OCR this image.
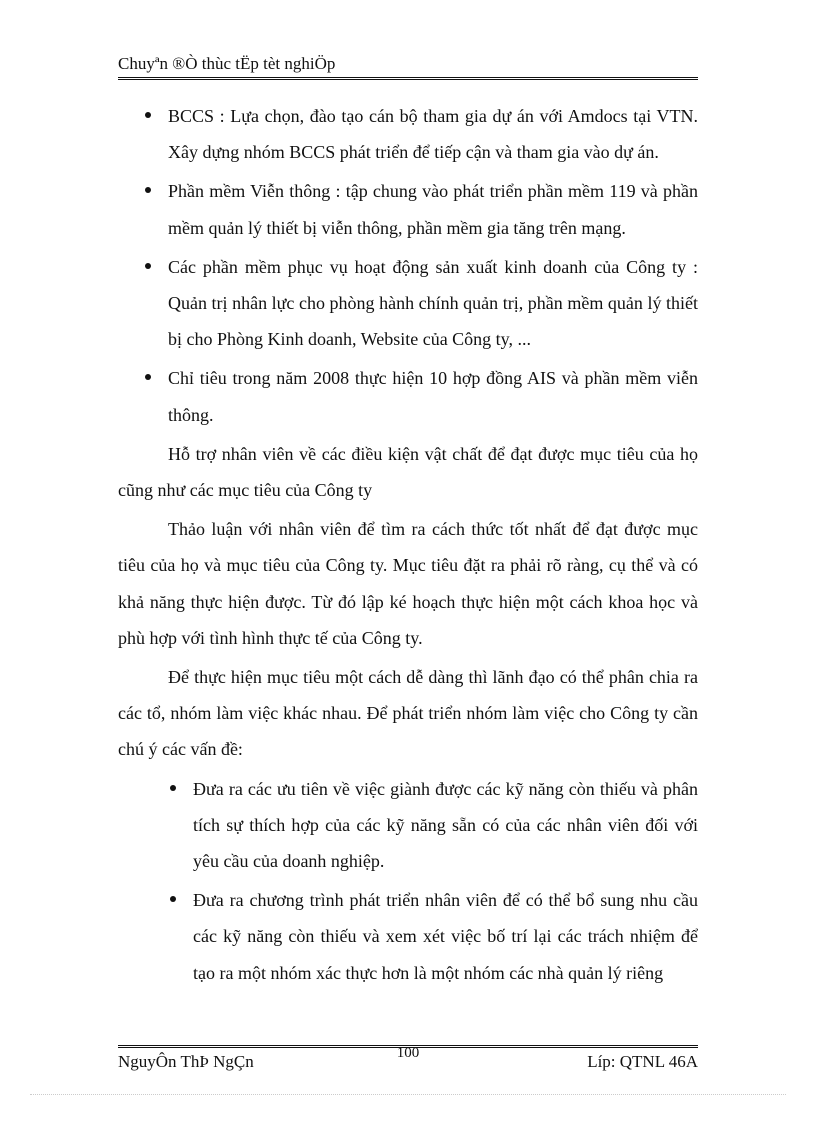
Chuyªn ®Ò thùc tËp tèt nghiÖp
BCCS : Lựa chọn, đào tạo cán bộ tham gia dự án với Amdocs tại VTN. Xây dựng nhóm BCCS phát triển để tiếp cận và tham gia vào dự án.
Phần mềm Viễn thông : tập chung vào phát triển phần mềm 119 và phần mềm quản lý thiết bị viễn thông, phần mềm gia tăng trên mạng.
Các phần mềm phục vụ hoạt động sản xuất kinh doanh của Công ty : Quản trị nhân lực cho phòng hành chính quản trị, phần mềm quản lý thiết bị cho Phòng Kinh doanh, Website của Công ty, ...
Chỉ tiêu trong năm 2008 thực hiện 10 hợp đồng AIS và phần mềm viễn thông.

Hỗ trợ nhân viên về các điều kiện vật chất để đạt được mục tiêu của họ cũng như các mục tiêu của Công ty

Thảo luận với nhân viên để tìm ra cách thức tốt nhất để đạt được mục tiêu của họ và mục tiêu của Công ty. Mục tiêu đặt ra phải rõ ràng, cụ thể và có khả năng thực hiện được. Từ đó lập ké hoạch thực hiện một cách khoa học và phù hợp với tình hình thực tế của Công ty.

Để thực hiện mục tiêu một cách dễ dàng thì lãnh đạo có thể phân chia ra các tổ, nhóm làm việc khác nhau. Để phát triển nhóm làm việc cho Công ty cần chú ý các vấn đề:

Đưa ra các ưu tiên về việc giành được các kỹ năng còn thiếu và phân tích sự thích hợp của các kỹ năng sẵn có của các nhân viên đối với yêu cầu của doanh nghiệp.
Đưa ra chương trình phát triển nhân viên để có thể bổ sung nhu cầu các kỹ năng còn thiếu và xem xét việc bố trí lại các trách nhiệm để tạo ra một nhóm xác thực hơn là một nhóm các nhà quản lý riêng
NguyÔn ThÞ NgÇn	100	Líp: QTNL 46A
